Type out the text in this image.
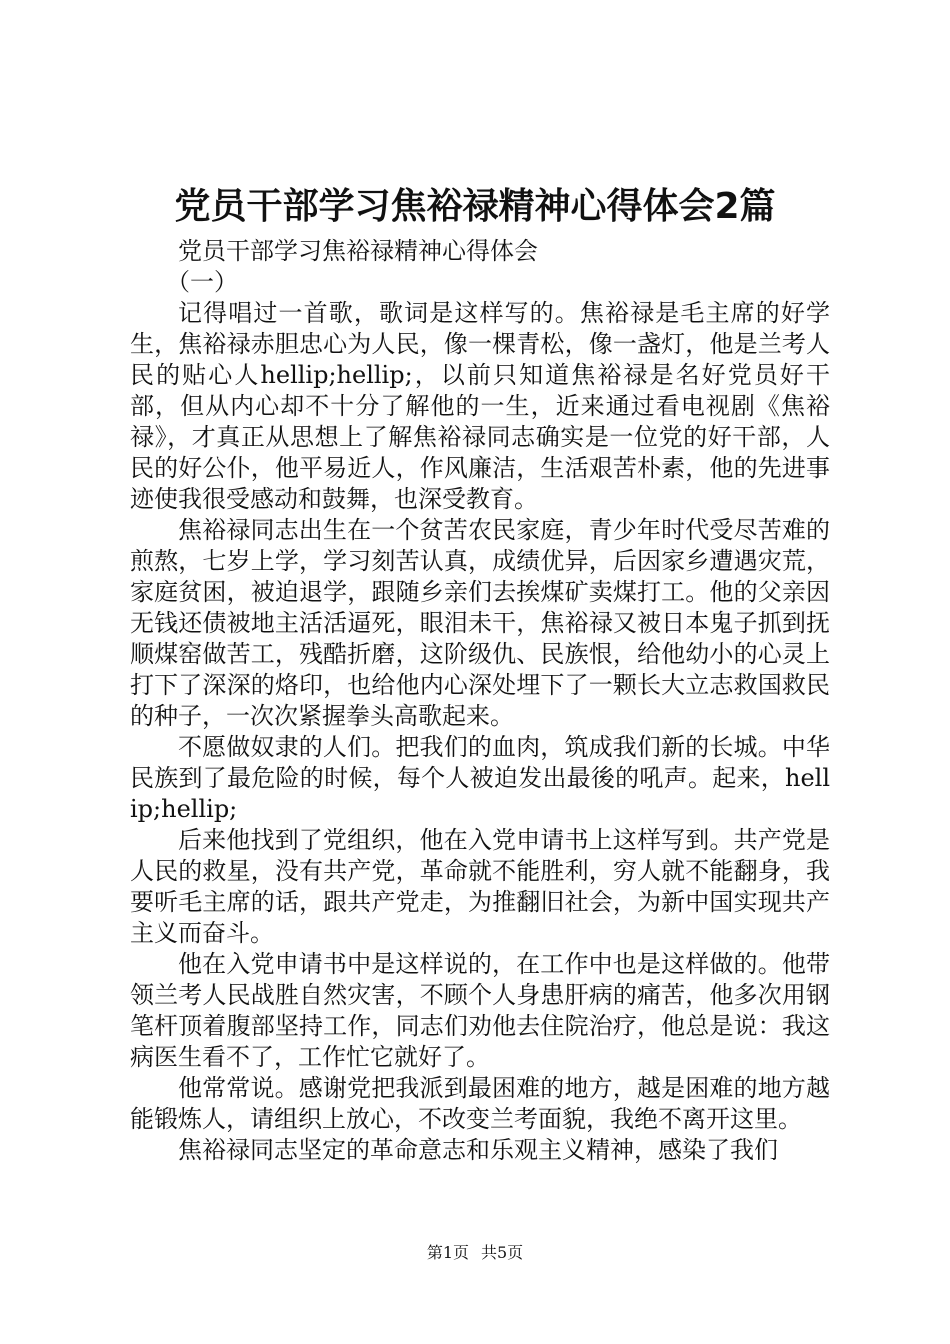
党员干部学习焦裕禄精神心得体会2篇

党员干部学习焦裕禄精神心得体会

（一）

记得唱过一首歌，歌词是这样写的。焦裕禄是毛主席的好学生，焦裕禄赤胆忠心为人民，像一棵青松，像一盏灯，他是兰考人民的贴心人hellip;hellip;，以前只知道焦裕禄是名好党员好干部，但从内心却不十分了解他的一生，近来通过看电视剧《焦裕禄》，才真正从思想上了解焦裕禄同志确实是一位党的好干部，人民的好公仆，他平易近人，作风廉洁，生活艰苦朴素，他的先进事迹使我很受感动和鼓舞，也深受教育。

焦裕禄同志出生在一个贫苦农民家庭，青少年时代受尽苦难的煎熬，七岁上学，学习刻苦认真，成绩优异，后因家乡遭遇灾荒，家庭贫困，被迫退学，跟随乡亲们去挨煤矿卖煤打工。他的父亲因无钱还债被地主活活逼死，眼泪未干，焦裕禄又被日本鬼子抓到抚顺煤窑做苦工，残酷折磨，这阶级仇、民族恨，给他幼小的心灵上打下了深深的烙印，也给他内心深处埋下了一颗长大立志救国救民的种子，一次次紧握拳头高歌起来。

不愿做奴隶的人们。把我们的血肉，筑成我们新的长城。中华民族到了最危险的时候，每个人被迫发出最後的吼声。起来，hellip;hellip;

后来他找到了党组织，他在入党申请书上这样写到。共产党是人民的救星，没有共产党，革命就不能胜利，穷人就不能翻身，我要听毛主席的话，跟共产党走，为推翻旧社会，为新中国实现共产主义而奋斗。

他在入党申请书中是这样说的，在工作中也是这样做的。他带领兰考人民战胜自然灾害，不顾个人身患肝病的痛苦，他多次用钢笔杆顶着腹部坚持工作，同志们劝他去住院治疗，他总是说：我这病医生看不了，工作忙它就好了。

他常常说。感谢党把我派到最困难的地方，越是困难的地方越能锻炼人，请组织上放心，不改变兰考面貌，我绝不离开这里。

焦裕禄同志坚定的革命意志和乐观主义精神，感染了我们

第1页 共5页
